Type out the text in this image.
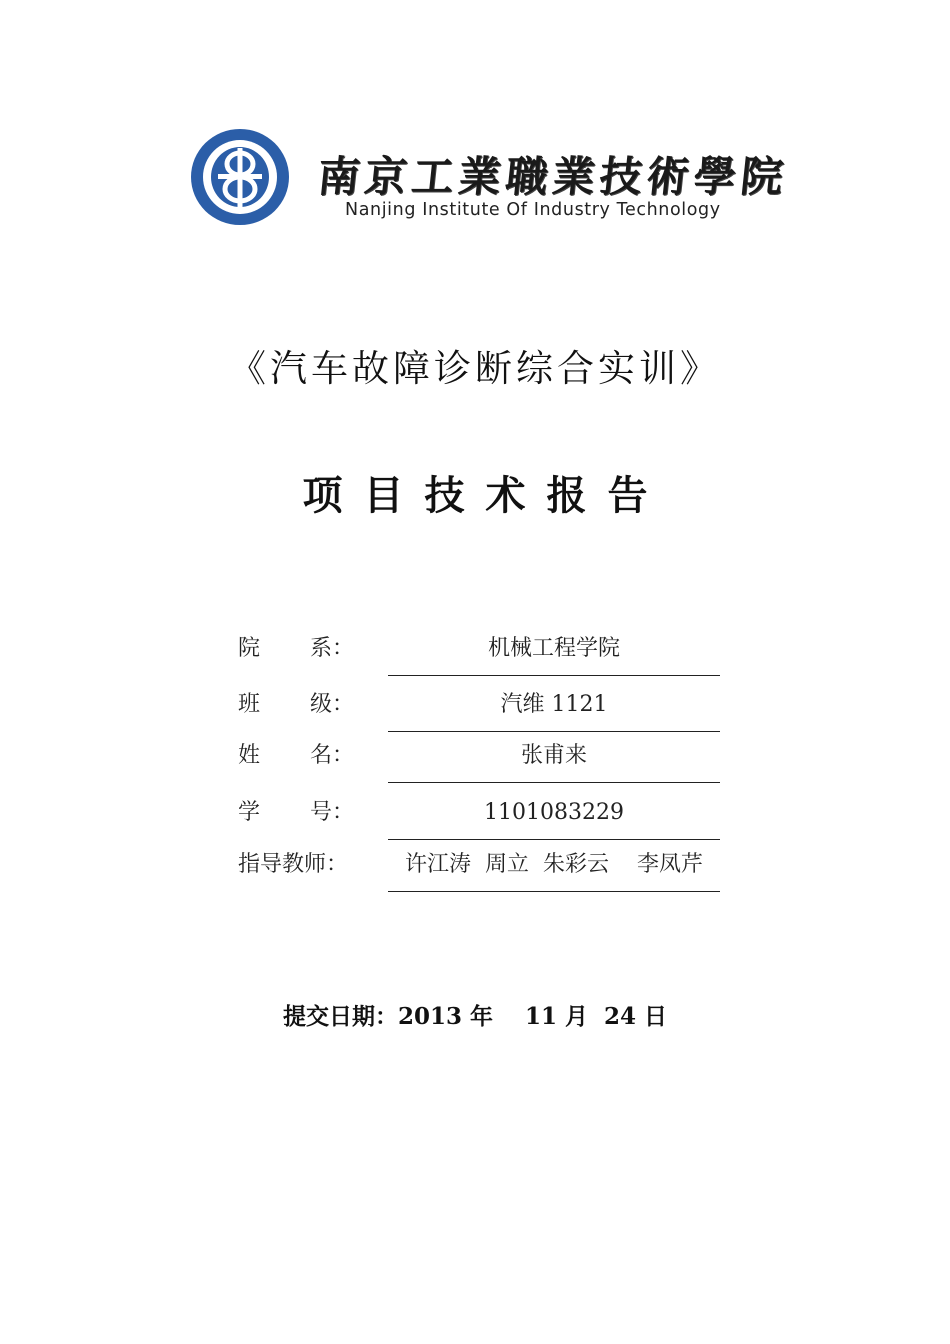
南京工業職業技術學院
Nanjing Institute Of Industry Technology
《汽车故障诊断综合实训》
项目技术报告
院 系：	机械工程学院
班 级：	汽维 1121
姓 名：	张甫来
学 号：	1101083229
指导教师：	许江涛  周立  朱彩云    李凤芹
提交日期：2013 年    11 月  24 日
